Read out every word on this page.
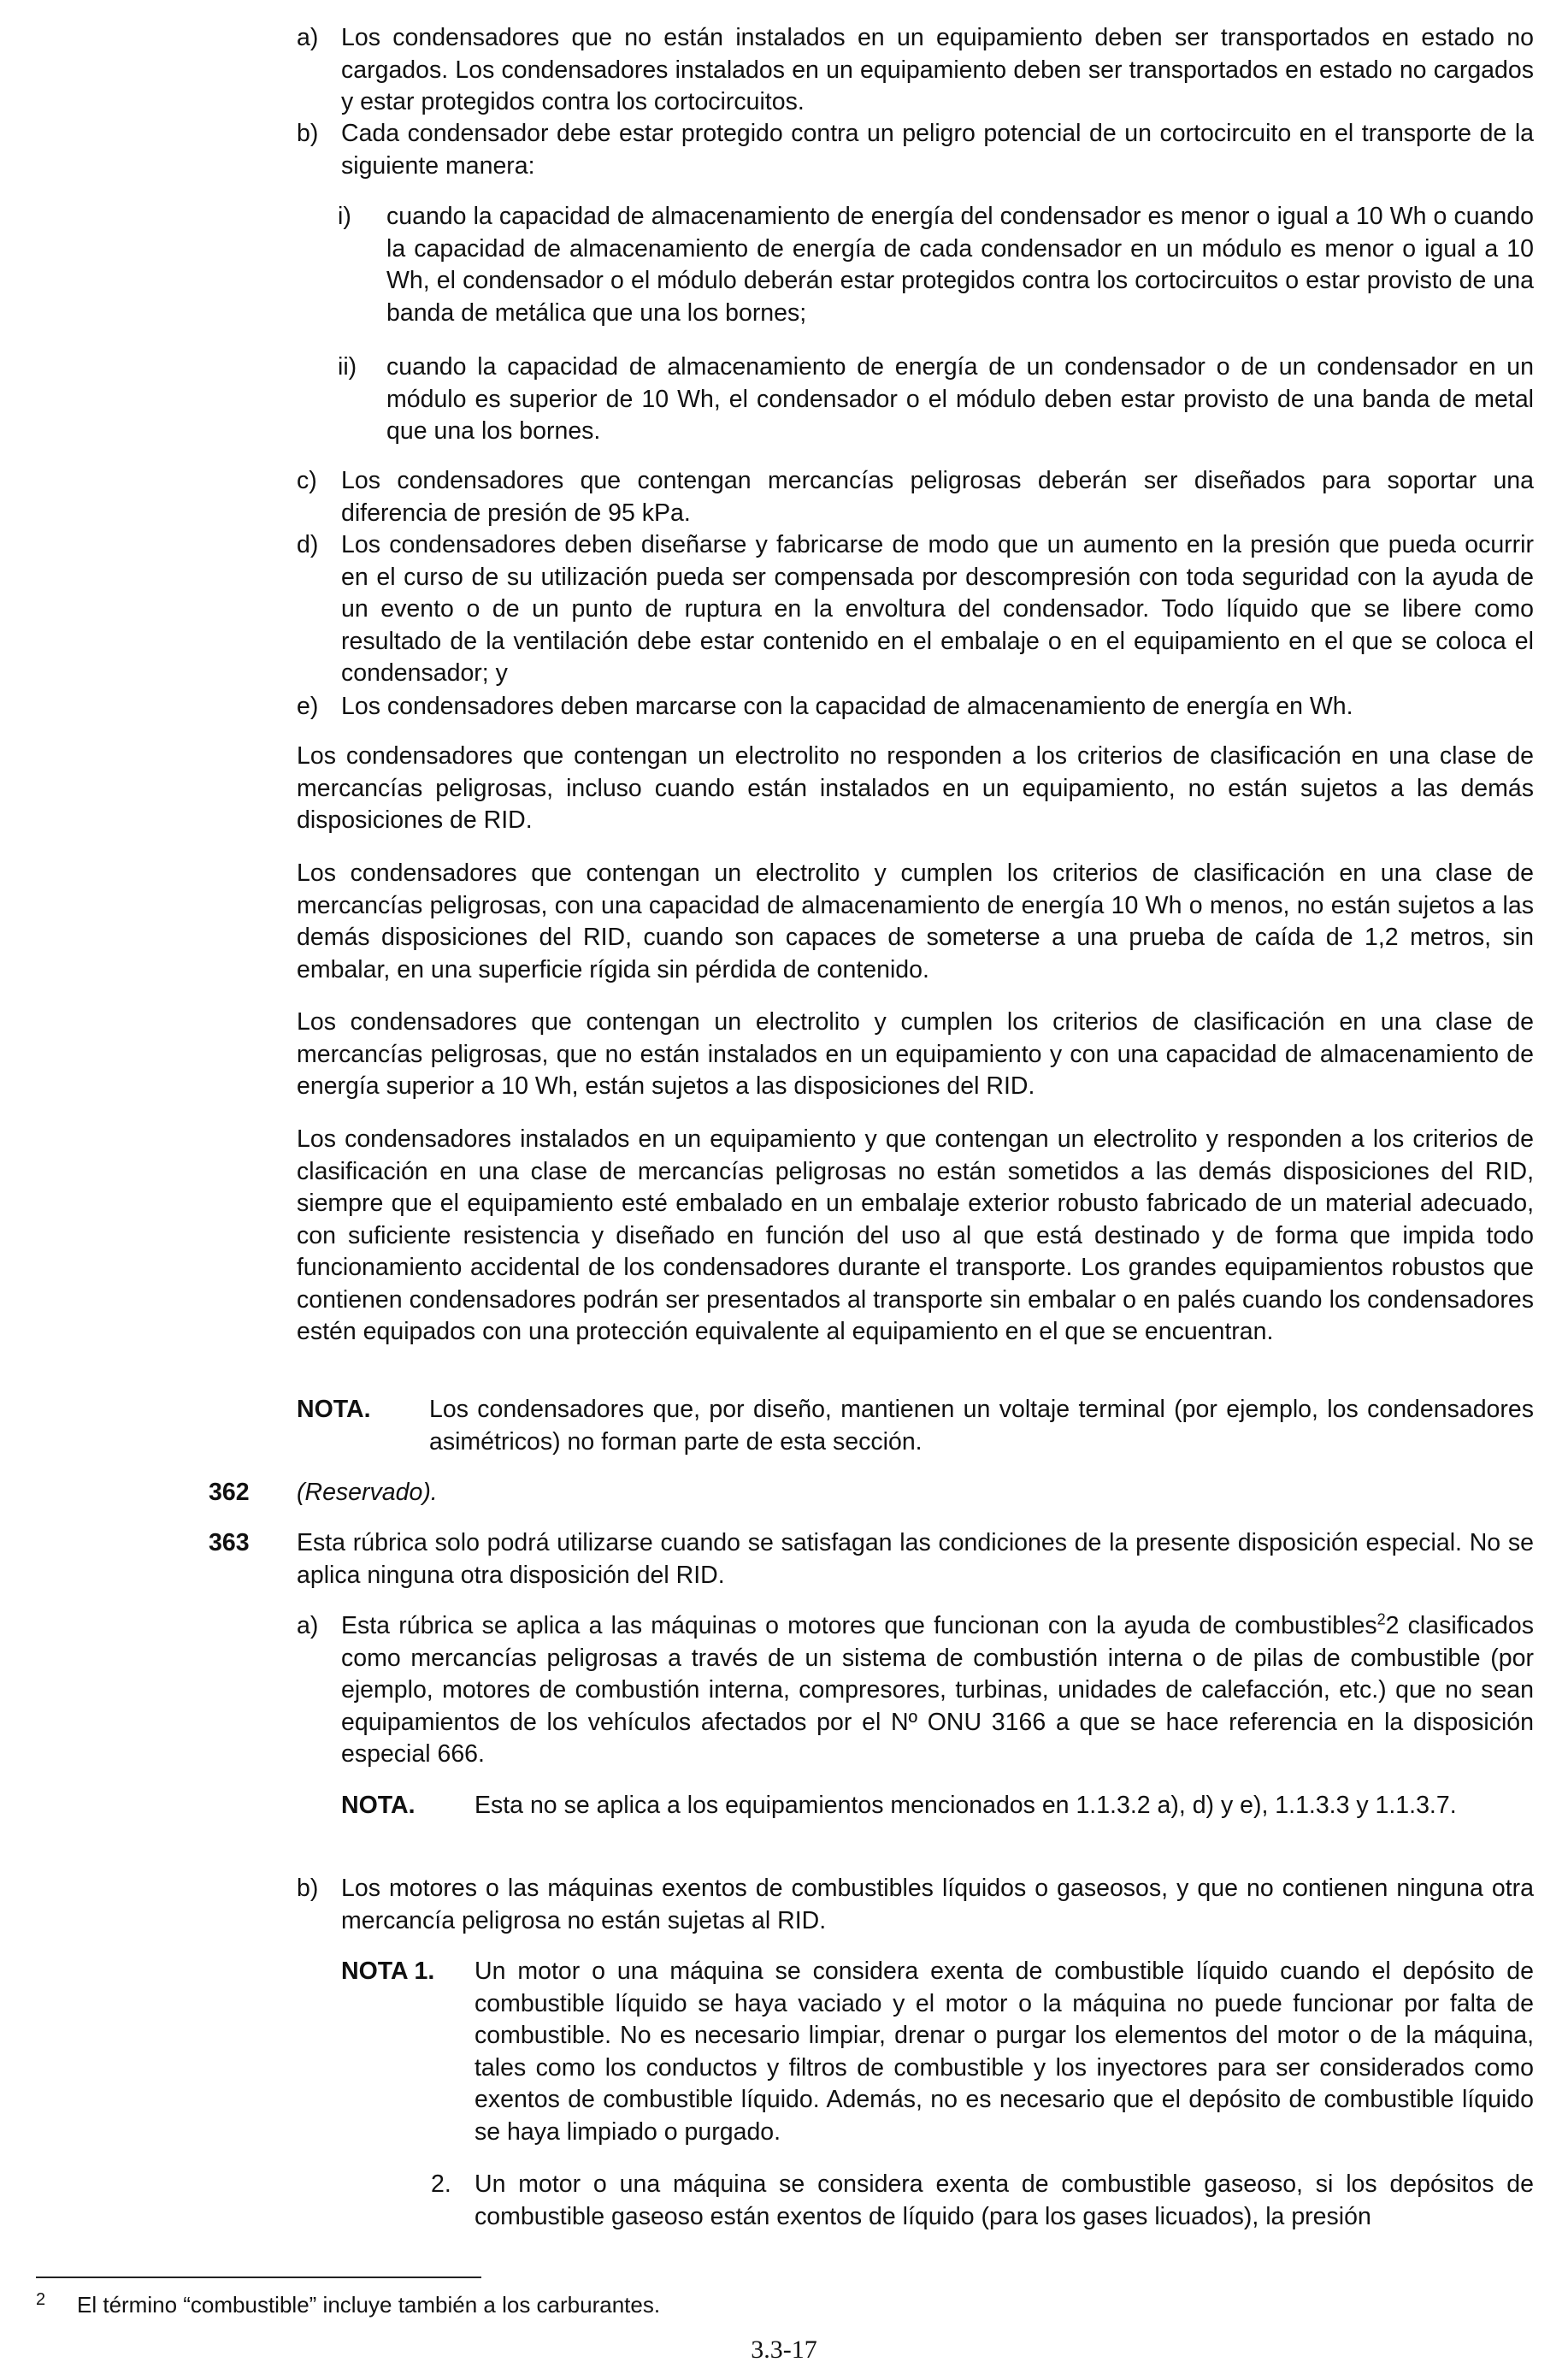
a) Los condensadores que no están instalados en un equipamiento deben ser transportados en estado no cargados. Los condensadores instalados en un equipamiento deben ser transportados en estado no cargados y estar protegidos contra los cortocircuitos.

b) Cada condensador debe estar protegido contra un peligro potencial de un cortocircuito en el transporte de la siguiente manera:

i) cuando la capacidad de almacenamiento de energía del condensador es menor o igual a 10 Wh o cuando la capacidad de almacenamiento de energía de cada condensador en un módulo es menor o igual a 10 Wh, el condensador o el módulo deberán estar protegidos contra los cortocircuitos o estar provisto de una banda de metálica que una los bornes;

ii) cuando la capacidad de almacenamiento de energía de un condensador o de un condensador en un módulo es superior de 10 Wh, el condensador o el módulo deben estar provisto de una banda de metal que una los bornes.

c) Los condensadores que contengan mercancías peligrosas deberán ser diseñados para soportar una diferencia de presión de 95 kPa.

d) Los condensadores deben diseñarse y fabricarse de modo que un aumento en la presión que pueda ocurrir en el curso de su utilización pueda ser compensada por descompresión con toda seguridad con la ayuda de un evento o de un punto de ruptura en la envoltura del condensador. Todo líquido que se libere como resultado de la ventilación debe estar contenido en el embalaje o en el equipamiento en el que se coloca el condensador; y

e) Los condensadores deben marcarse con la capacidad de almacenamiento de energía en Wh.

Los condensadores que contengan un electrolito no responden a los criterios de clasificación en una clase de mercancías peligrosas, incluso cuando están instalados en un equipamiento, no están sujetos a las demás disposiciones de RID.

Los condensadores que contengan un electrolito y cumplen los criterios de clasificación en una clase de mercancías peligrosas, con una capacidad de almacenamiento de energía 10 Wh o menos, no están sujetos a las demás disposiciones del RID, cuando son capaces de someterse a una prueba de caída de 1,2 metros, sin embalar, en una superficie rígida sin pérdida de contenido.

Los condensadores que contengan un electrolito y cumplen los criterios de clasificación en una clase de mercancías peligrosas, que no están instalados en un equipamiento y con una capacidad de almacenamiento de energía superior a 10 Wh, están sujetos a las disposiciones del RID.

Los condensadores instalados en un equipamiento y que contengan un electrolito y responden a los criterios de clasificación en una clase de mercancías peligrosas no están sometidos a las demás disposiciones del RID, siempre que el equipamiento esté embalado en un embalaje exterior robusto fabricado de un material adecuado, con suficiente resistencia y diseñado en función del uso al que está destinado y de forma que impida todo funcionamiento accidental de los condensadores durante el transporte. Los grandes equipamientos robustos que contienen condensadores podrán ser presentados al transporte sin embalar o en palés cuando los condensadores estén equipados con una protección equivalente al equipamiento en el que se encuentran.

NOTA. Los condensadores que, por diseño, mantienen un voltaje terminal (por ejemplo, los condensadores asimétricos) no forman parte de esta sección.

362 (Reservado).

363 Esta rúbrica solo podrá utilizarse cuando se satisfagan las condiciones de la presente disposición especial. No se aplica ninguna otra disposición del RID.

a) Esta rúbrica se aplica a las máquinas o motores que funcionan con la ayuda de combustibles$^2$2 clasificados como mercancías peligrosas a través de un sistema de combustión interna o de pilas de combustible (por ejemplo, motores de combustión interna, compresores, turbinas, unidades de calefacción, etc.) que no sean equipamientos de los vehículos afectados por el Nº ONU 3166 a que se hace referencia en la disposición especial 666.

NOTA. Esta no se aplica a los equipamientos mencionados en 1.1.3.2 a), d) y e), 1.1.3.3 y 1.1.3.7.

b) Los motores o las máquinas exentos de combustibles líquidos o gaseosos, y que no contienen ninguna otra mercancía peligrosa no están sujetas al RID.

NOTA 1. Un motor o una máquina se considera exenta de combustible líquido cuando el depósito de combustible líquido se haya vaciado y el motor o la máquina no puede funcionar por falta de combustible. No es necesario limpiar, drenar o purgar los elementos del motor o de la máquina, tales como los conductos y filtros de combustible y los inyectores para ser considerados como exentos de combustible líquido. Además, no es necesario que el depósito de combustible líquido se haya limpiado o purgado.

2. Un motor o una máquina se considera exenta de combustible gaseoso, si los depósitos de combustible gaseoso están exentos de líquido (para los gases licuados), la presión

2 El término “combustible” incluye también a los carburantes.

3.3-17
